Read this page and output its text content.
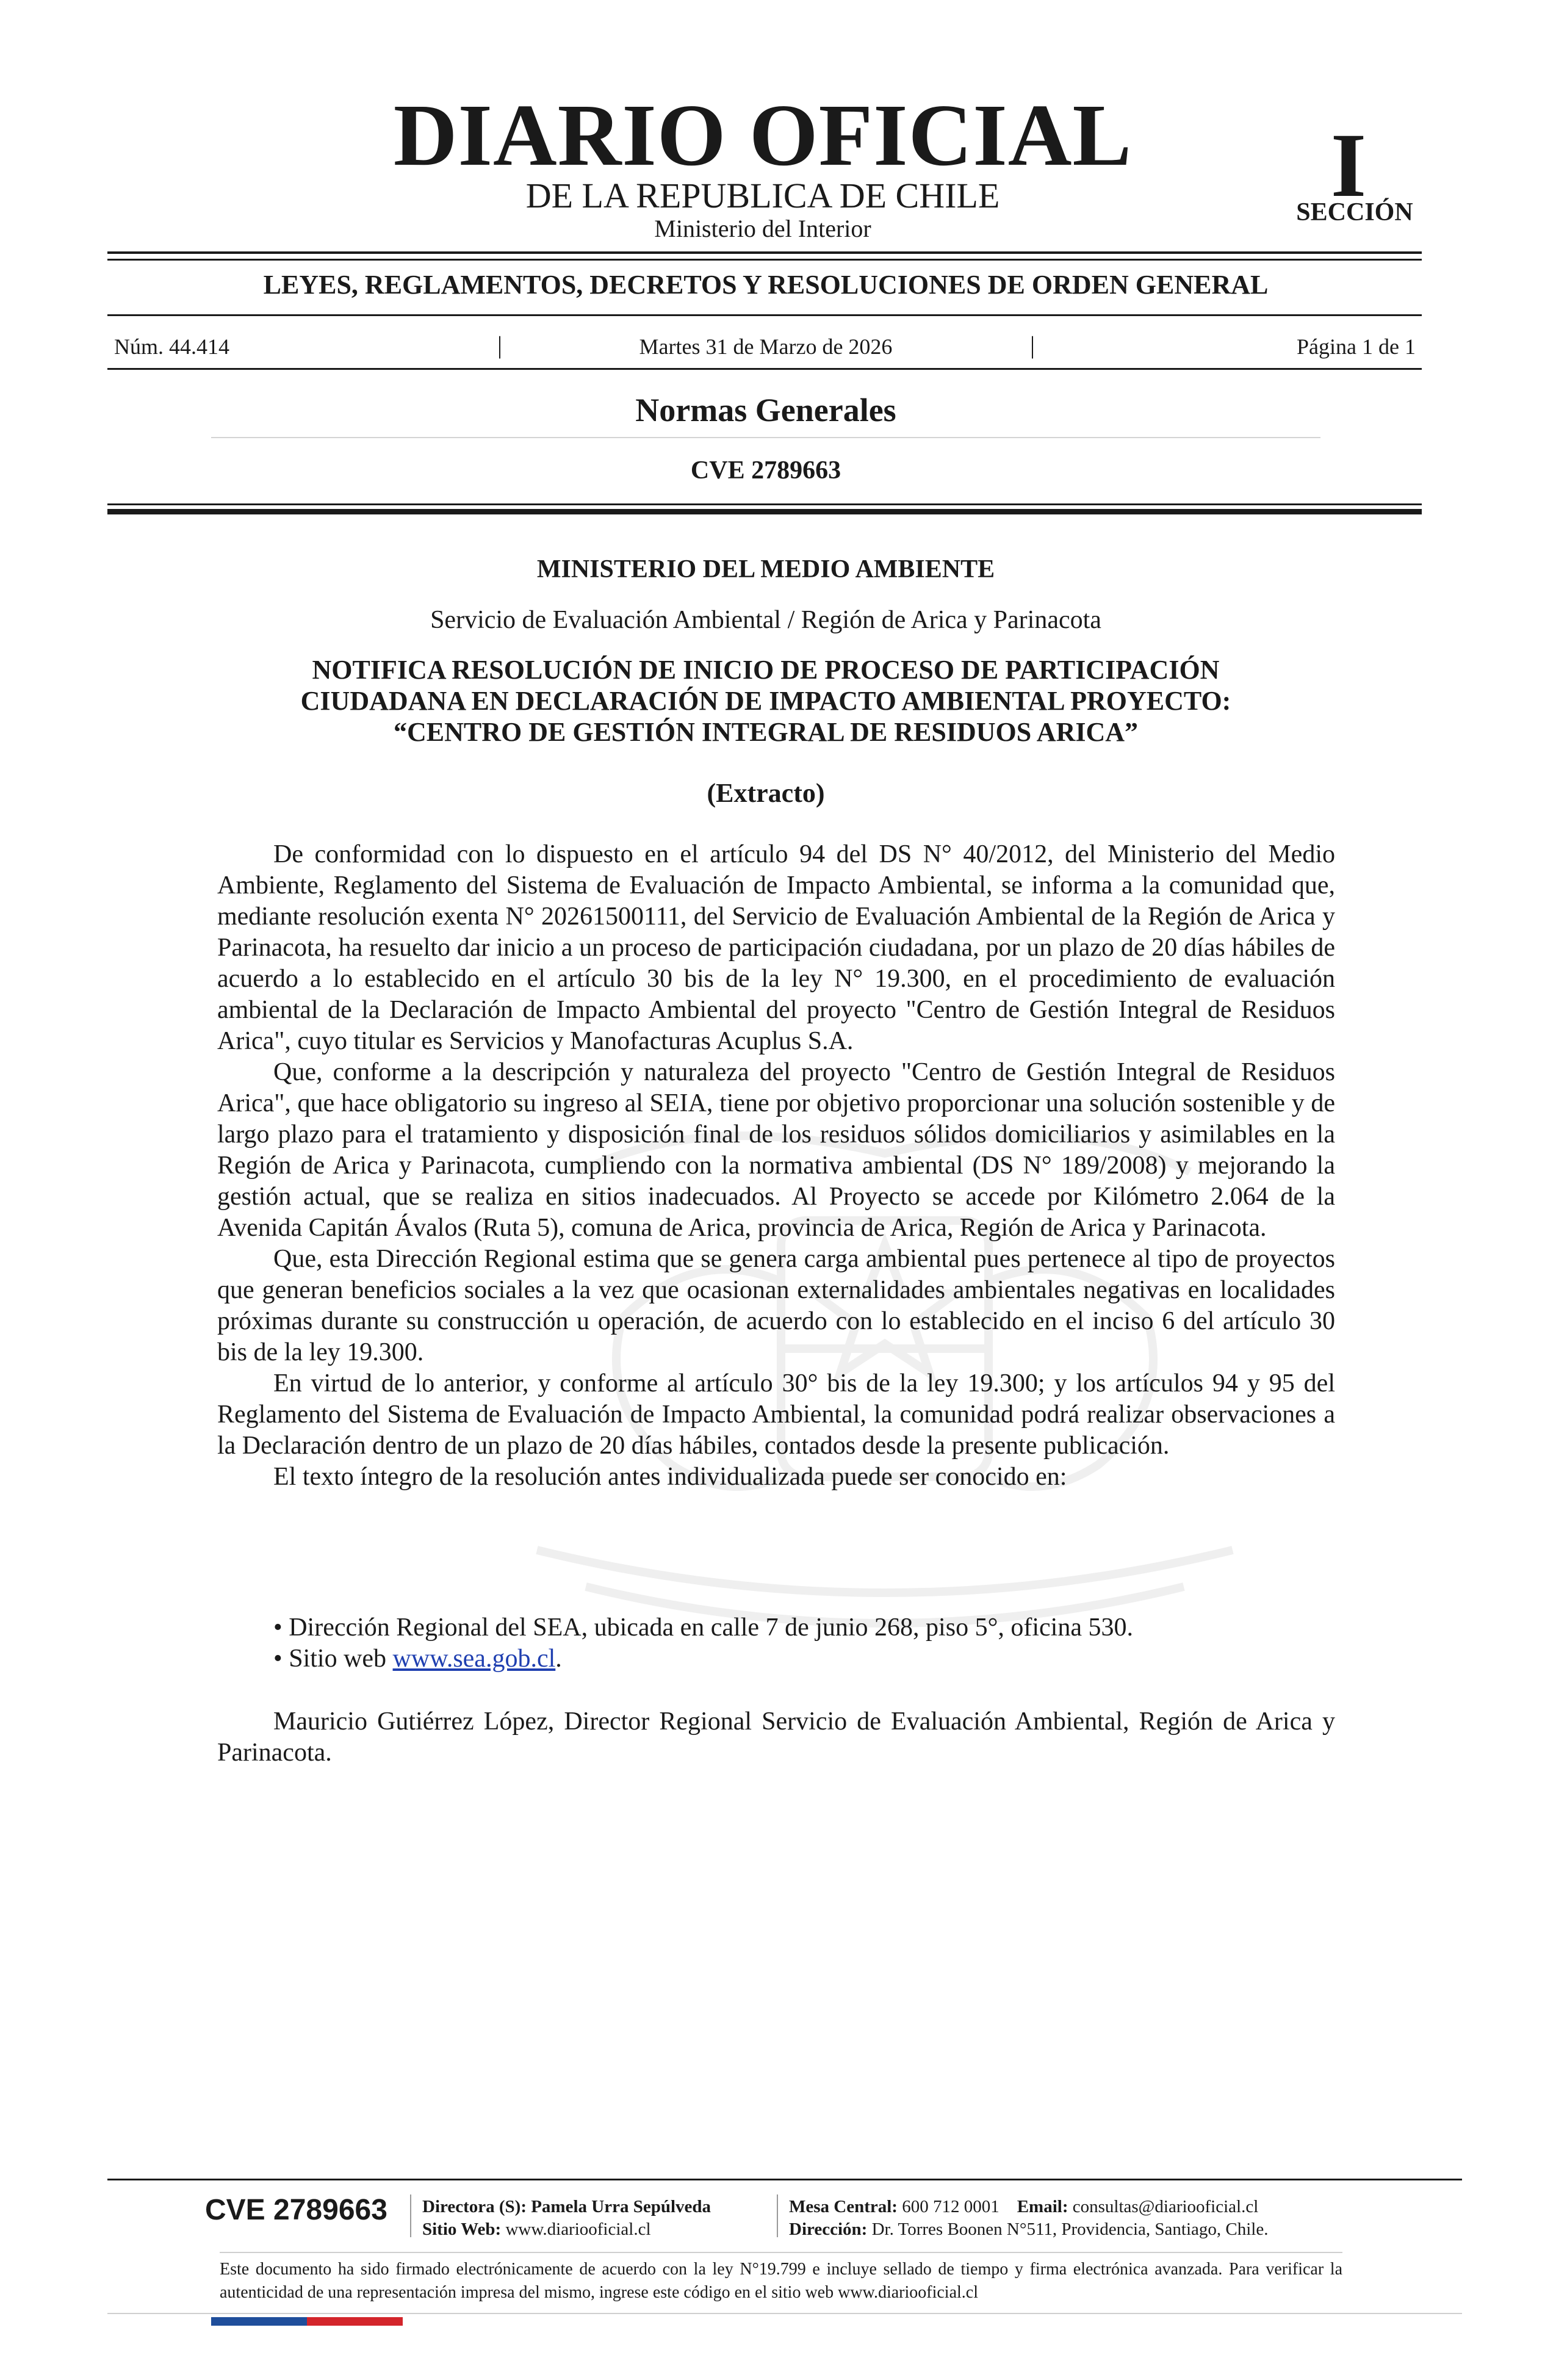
DIARIO OFICIAL
DE LA REPUBLICA DE CHILE
Ministerio del Interior
I
SECCIÓN
LEYES, REGLAMENTOS, DECRETOS Y RESOLUCIONES DE ORDEN GENERAL
Núm. 44.414	|	Martes 31 de Marzo de 2026	|	Página 1 de 1
Normas Generales
CVE 2789663
MINISTERIO DEL MEDIO AMBIENTE
Servicio de Evaluación Ambiental / Región de Arica y Parinacota
NOTIFICA RESOLUCIÓN DE INICIO DE PROCESO DE PARTICIPACIÓN
CIUDADANA EN DECLARACIÓN DE IMPACTO AMBIENTAL PROYECTO:
“CENTRO DE GESTIÓN INTEGRAL DE RESIDUOS ARICA”
(Extracto)

De conformidad con lo dispuesto en el artículo 94 del DS N° 40/2012, del Ministerio del Medio Ambiente, Reglamento del Sistema de Evaluación de Impacto Ambiental, se informa a la comunidad que, mediante resolución exenta N° 20261500111, del Servicio de Evaluación Ambiental de la Región de Arica y Parinacota, ha resuelto dar inicio a un proceso de participación ciudadana, por un plazo de 20 días hábiles de acuerdo a lo establecido en el artículo 30 bis de la ley N° 19.300, en el procedimiento de evaluación ambiental de la Declaración de Impacto Ambiental del proyecto "Centro de Gestión Integral de Residuos Arica", cuyo titular es Servicios y Manofacturas Acuplus S.A.

Que, conforme a la descripción y naturaleza del proyecto "Centro de Gestión Integral de Residuos Arica", que hace obligatorio su ingreso al SEIA, tiene por objetivo proporcionar una solución sostenible y de largo plazo para el tratamiento y disposición final de los residuos sólidos domiciliarios y asimilables en la Región de Arica y Parinacota, cumpliendo con la normativa ambiental (DS N° 189/2008) y mejorando la gestión actual, que se realiza en sitios inadecuados. Al Proyecto se accede por Kilómetro 2.064 de la Avenida Capitán Ávalos (Ruta 5), comuna de Arica, provincia de Arica, Región de Arica y Parinacota.

Que, esta Dirección Regional estima que se genera carga ambiental pues pertenece al tipo de proyectos que generan beneficios sociales a la vez que ocasionan externalidades ambientales negativas en localidades próximas durante su construcción u operación, de acuerdo con lo establecido en el inciso 6 del artículo 30 bis de la ley 19.300.

En virtud de lo anterior, y conforme al artículo 30° bis de la ley 19.300; y los artículos 94 y 95 del Reglamento del Sistema de Evaluación de Impacto Ambiental, la comunidad podrá realizar observaciones a la Declaración dentro de un plazo de 20 días hábiles, contados desde la presente publicación.

El texto íntegro de la resolución antes individualizada puede ser conocido en:

• Dirección Regional del SEA, ubicada en calle 7 de junio 268, piso 5°, oficina 530.
• Sitio web www.sea.gob.cl.

Mauricio Gutiérrez López, Director Regional Servicio de Evaluación Ambiental, Región de Arica y Parinacota.

CVE 2789663 Directora (S): Pamela Urra Sepúlveda
Sitio Web: www.diariooficial.cl
Mesa Central: 600 712 0001 Email: consultas@diariooficial.cl
Dirección: Dr. Torres Boonen N°511, Providencia, Santiago, Chile.
Este documento ha sido firmado electrónicamente de acuerdo con la ley N°19.799 e incluye sellado de tiempo y firma electrónica avanzada. Para verificar la autenticidad de una representación impresa del mismo, ingrese este código en el sitio web www.diariooficial.cl
